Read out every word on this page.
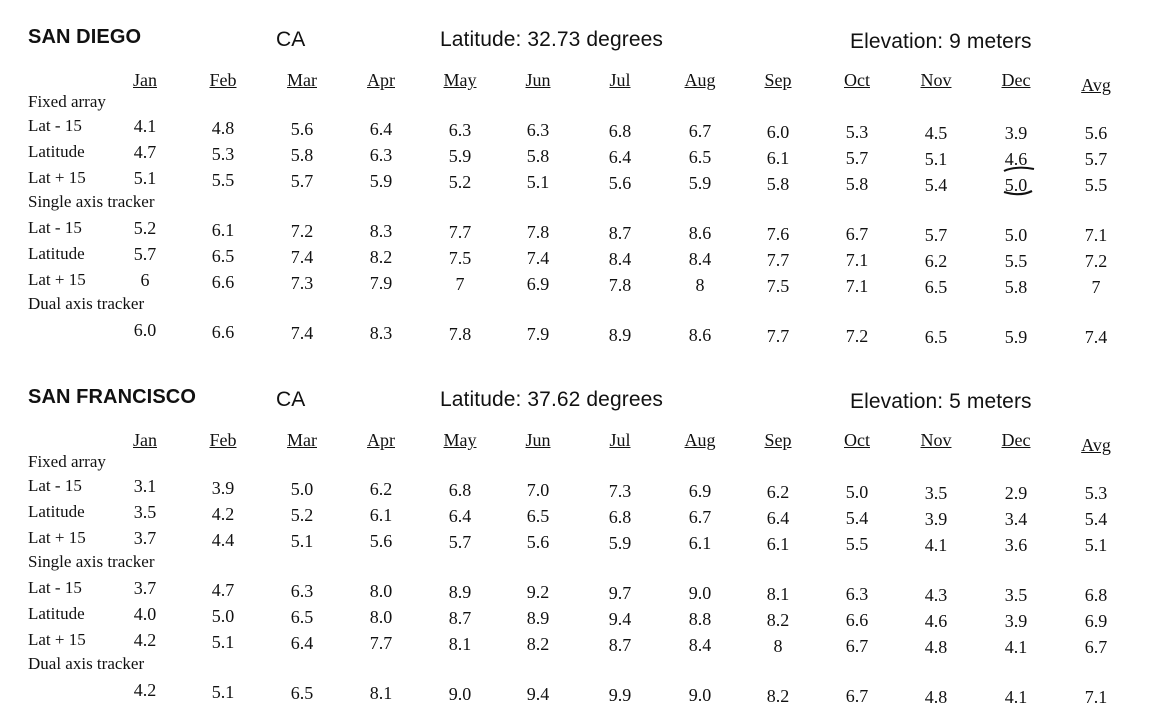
SAN DIEGO	CA	Latitude: 32.73 degrees	Elevation: 9 meters
Jan	Feb	Mar	Apr	May	Jun	Jul	Aug	Sep	Oct	Nov	Dec	Avg
Fixed array
Lat - 15	4.1	4.8	5.6	6.4	6.3	6.3	6.8	6.7	6.0	5.3	4.5	3.9	5.6
Latitude	4.7	5.3	5.8	6.3	5.9	5.8	6.4	6.5	6.1	5.7	5.1	4.6	5.7
Lat + 15	5.1	5.5	5.7	5.9	5.2	5.1	5.6	5.9	5.8	5.8	5.4	5.0	5.5
Single axis tracker
Lat - 15	5.2	6.1	7.2	8.3	7.7	7.8	8.7	8.6	7.6	6.7	5.7	5.0	7.1
Latitude	5.7	6.5	7.4	8.2	7.5	7.4	8.4	8.4	7.7	7.1	6.2	5.5	7.2
Lat + 15	6	6.6	7.3	7.9	7	6.9	7.8	8	7.5	7.1	6.5	5.8	7
Dual axis tracker
6.0	6.6	7.4	8.3	7.8	7.9	8.9	8.6	7.7	7.2	6.5	5.9	7.4
SAN FRANCISCO	CA	Latitude: 37.62 degrees	Elevation: 5 meters
Jan	Feb	Mar	Apr	May	Jun	Jul	Aug	Sep	Oct	Nov	Dec	Avg
Fixed array
Lat - 15	3.1	3.9	5.0	6.2	6.8	7.0	7.3	6.9	6.2	5.0	3.5	2.9	5.3
Latitude	3.5	4.2	5.2	6.1	6.4	6.5	6.8	6.7	6.4	5.4	3.9	3.4	5.4
Lat + 15	3.7	4.4	5.1	5.6	5.7	5.6	5.9	6.1	6.1	5.5	4.1	3.6	5.1
Single axis tracker
Lat - 15	3.7	4.7	6.3	8.0	8.9	9.2	9.7	9.0	8.1	6.3	4.3	3.5	6.8
Latitude	4.0	5.0	6.5	8.0	8.7	8.9	9.4	8.8	8.2	6.6	4.6	3.9	6.9
Lat + 15	4.2	5.1	6.4	7.7	8.1	8.2	8.7	8.4	8	6.7	4.8	4.1	6.7
Dual axis tracker
4.2	5.1	6.5	8.1	9.0	9.4	9.9	9.0	8.2	6.7	4.8	4.1	7.1
